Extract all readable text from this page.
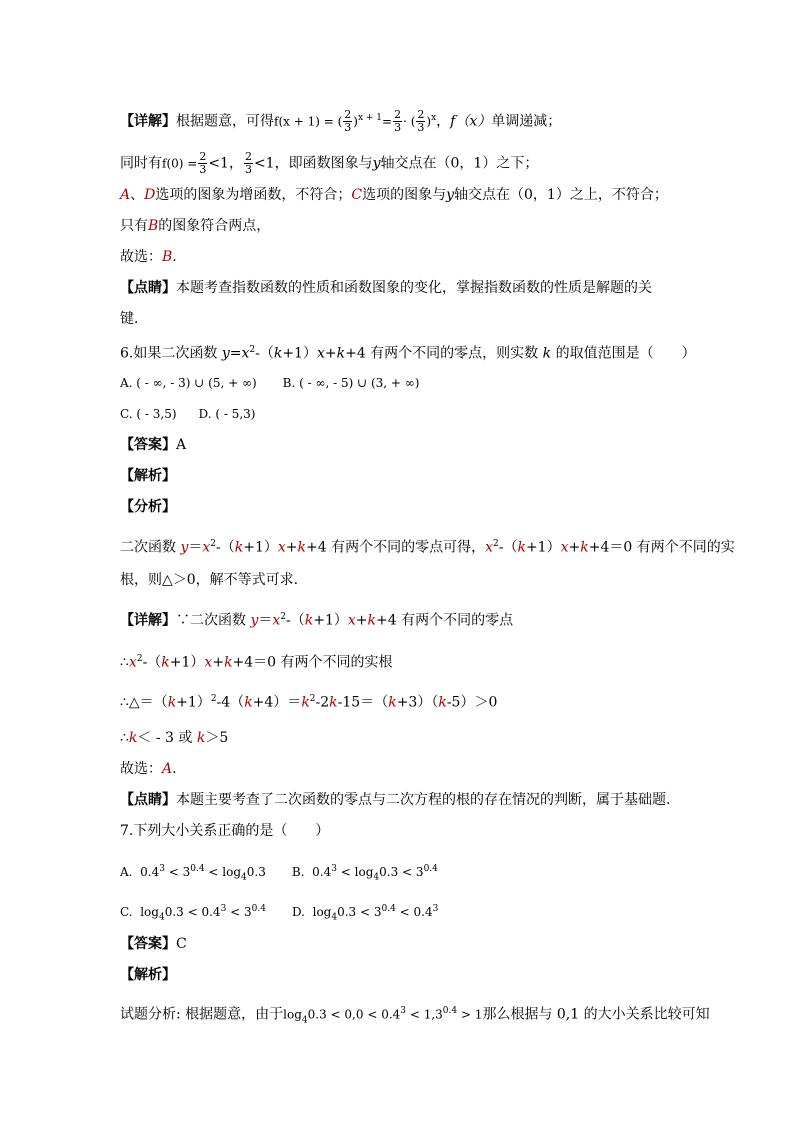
【详解】根据题意，可得f(x + 1) = ( $\frac{2}{3} )^{x + 1}= \frac{2}{3}$ · ( $\frac{2}{3} )^x$，f（x）单调递减；
同时有$f(0) = \frac{2}{3} <1$， $\frac{2}{3} <1$，即函数图象与y轴交点在（0，1）之下；
A、D选项的图象为增函数，不符合；C选项的图象与y轴交点在（0，1）之上，不符合；
只有B的图象符合两点，
故选：B.
【点睛】本题考查指数函数的性质和函数图象的变化，掌握指数函数的性质是解题的关
键．
6.如果二次函数 $y=x^2-(k+1)x+k+4$ 有两个不同的零点，则实数 k 的取值范围是（　　）
A. ( - ∞, - 3) ∪ (5, + ∞) B. ( - ∞, - 5) ∪ (3, + ∞)
C. ( - 3,5) D. ( - 5,3)
【答案】A
【解析】
【分析】
二次函数 $y=x^2-(k+1)x+k+4$ 有两个不同的零点可得，$x^2-(k+1)x+k+4=0$ 有两个不同的实
根，则△＞0，解不等式可求.
【详解】∵二次函数 $y=x^2-(k+1)x+k+4$ 有两个不同的零点
$\therefore x^2-(k+1)x+k+4=0$ 有两个不同的实根
$\therefore\triangle=(k+1)^2-4(k+4)=k^2-2k-15=(k+3)(k-5)>0$
∴k＜ - 3 或 k＞5
故选：A.
【点睛】本题主要考查了二次函数的零点与二次方程的根的存在情况的判断，属于基础题.
7.下列大小关系正确的是（　　）
A. $0.4^3 < 3^{0.4} < \log_40.3$ B. $0.4^3 < \log_40.3 < 3^{0.4}$
C. $\log_40.3 < 0.4^3 < 3^{0.4}$ D. $\log_40.3 < 3^{0.4} < 0.4^3$
【答案】C
【解析】
试题分析: 根据题意，由于$\log_40.3 < 0,0 < 0.4^3 < 1,3^{0.4} > 1$那么根据与 0,1 的大小关系比较可知
